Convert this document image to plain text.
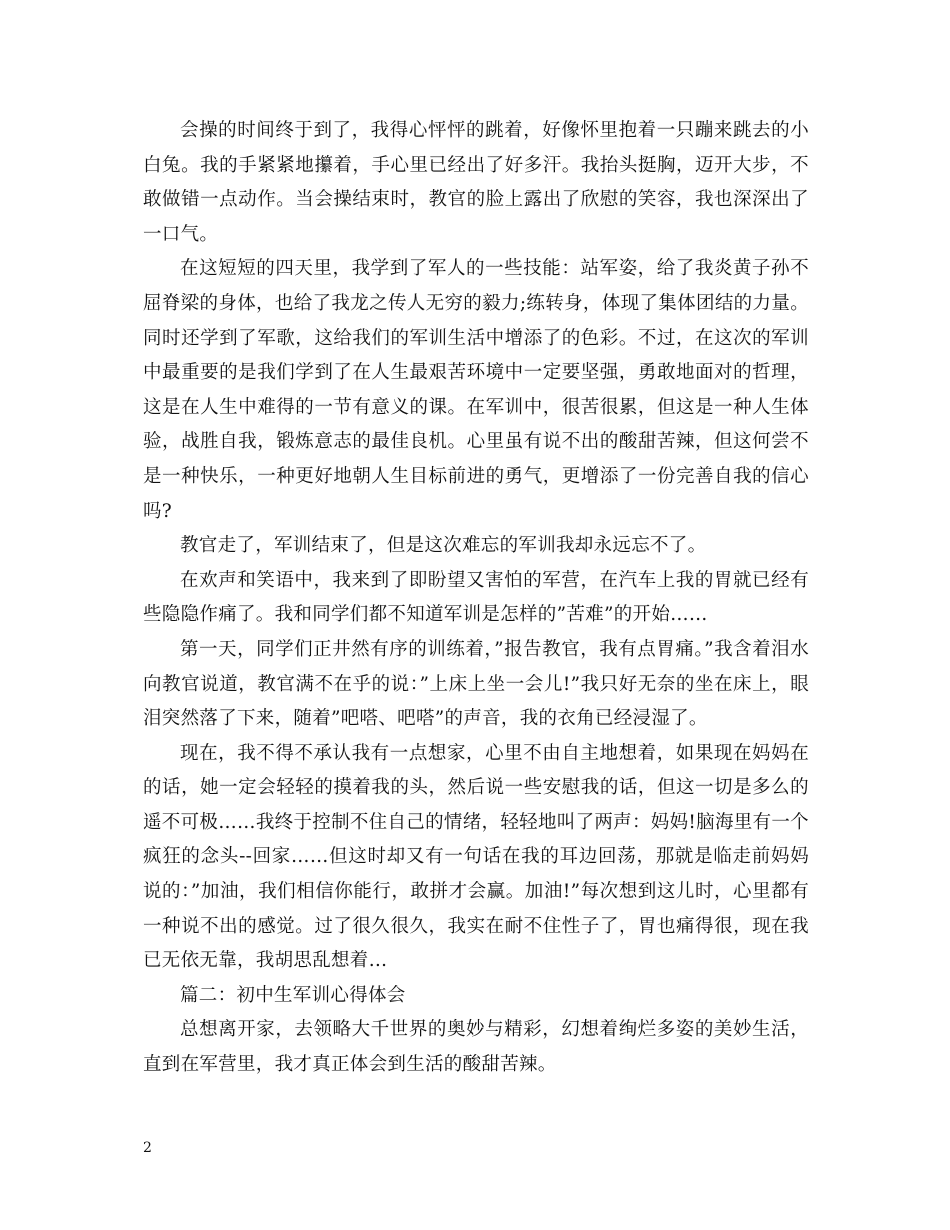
会操的时间终于到了，我得心怦怦的跳着，好像怀里抱着一只蹦来跳去的小白兔。我的手紧紧地攥着，手心里已经出了好多汗。我抬头挺胸，迈开大步，不敢做错一点动作。当会操结束时，教官的脸上露出了欣慰的笑容，我也深深出了一口气。

在这短短的四天里，我学到了军人的一些技能：站军姿，给了我炎黄子孙不屈脊梁的身体，也给了我龙之传人无穷的毅力;练转身，体现了集体团结的力量。同时还学到了军歌，这给我们的军训生活中增添了的色彩。不过，在这次的军训中最重要的是我们学到了在人生最艰苦环境中一定要坚强，勇敢地面对的哲理，这是在人生中难得的一节有意义的课。在军训中，很苦很累，但这是一种人生体验，战胜自我，锻炼意志的最佳良机。心里虽有说不出的酸甜苦辣，但这何尝不是一种快乐，一种更好地朝人生目标前进的勇气，更增添了一份完善自我的信心吗?

教官走了，军训结束了，但是这次难忘的军训我却永远忘不了。

在欢声和笑语中，我来到了即盼望又害怕的军营，在汽车上我的胃就已经有些隐隐作痛了。我和同学们都不知道军训是怎样的”苦难”的开始……

第一天，同学们正井然有序的训练着，”报告教官，我有点胃痛。”我含着泪水向教官说道，教官满不在乎的说：”上床上坐一会儿!”我只好无奈的坐在床上，眼泪突然落了下来，随着”吧嗒、吧嗒”的声音，我的衣角已经浸湿了。

现在，我不得不承认我有一点想家，心里不由自主地想着，如果现在妈妈在的话，她一定会轻轻的摸着我的头，然后说一些安慰我的话，但这一切是多么的遥不可极……我终于控制不住自己的情绪，轻轻地叫了两声：妈妈!脑海里有一个疯狂的念头--回家……但这时却又有一句话在我的耳边回荡，那就是临走前妈妈说的：”加油，我们相信你能行，敢拼才会赢。加油!”每次想到这儿时，心里都有一种说不出的感觉。过了很久很久，我实在耐不住性子了，胃也痛得很，现在我已无依无靠，我胡思乱想着…

篇二：初中生军训心得体会

总想离开家，去领略大千世界的奥妙与精彩，幻想着绚烂多姿的美妙生活，直到在军营里，我才真正体会到生活的酸甜苦辣。

2
